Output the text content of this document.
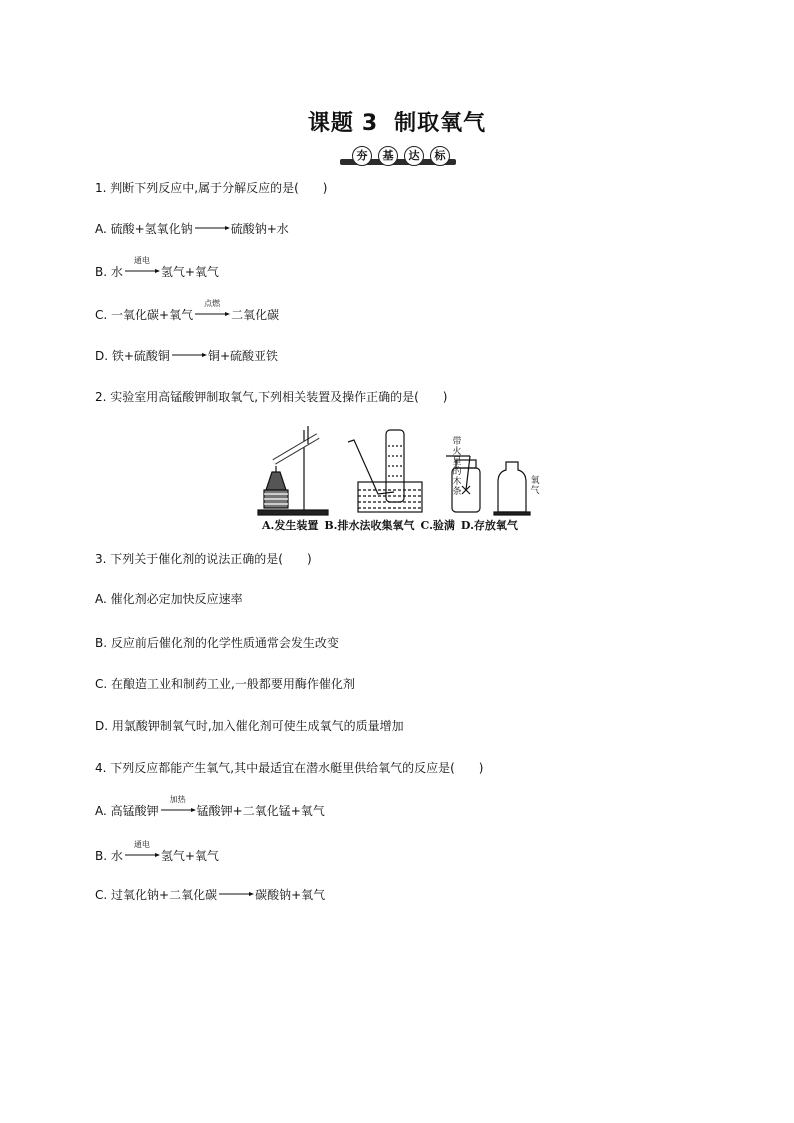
课题 3 制取氧气
夯	基	达	标
1. 判断下列反应中,属于分解反应的是(　　)
A. 硫酸+氢氧化钠→硫酸钠+水
B. 水
通电
氢气+氧气
C. 一氧化碳+氧气
点燃
二氧化碳
D. 铁+硫酸铜→铜+硫酸亚铁
2. 实验室用高锰酸钾制取氧气,下列相关装置及操作正确的是(　　)
带
火
星
的
木
条
氧
气
A.发生装置 B.排水法收集氧气 C.验满 D.存放氧气
3. 下列关于催化剂的说法正确的是(　　)
A. 催化剂必定加快反应速率
B. 反应前后催化剂的化学性质通常会发生改变
C. 在酿造工业和制药工业,一般都要用酶作催化剂
D. 用氯酸钾制氧气时,加入催化剂可使生成氧气的质量增加
4. 下列反应都能产生氧气,其中最适宜在潜水艇里供给氧气的反应是(　　)
A. 高锰酸钾
加热
锰酸钾+二氧化锰+氧气
B. 水
通电
氢气+氧气
C. 过氧化钠+二氧化碳→碳酸钠+氧气
